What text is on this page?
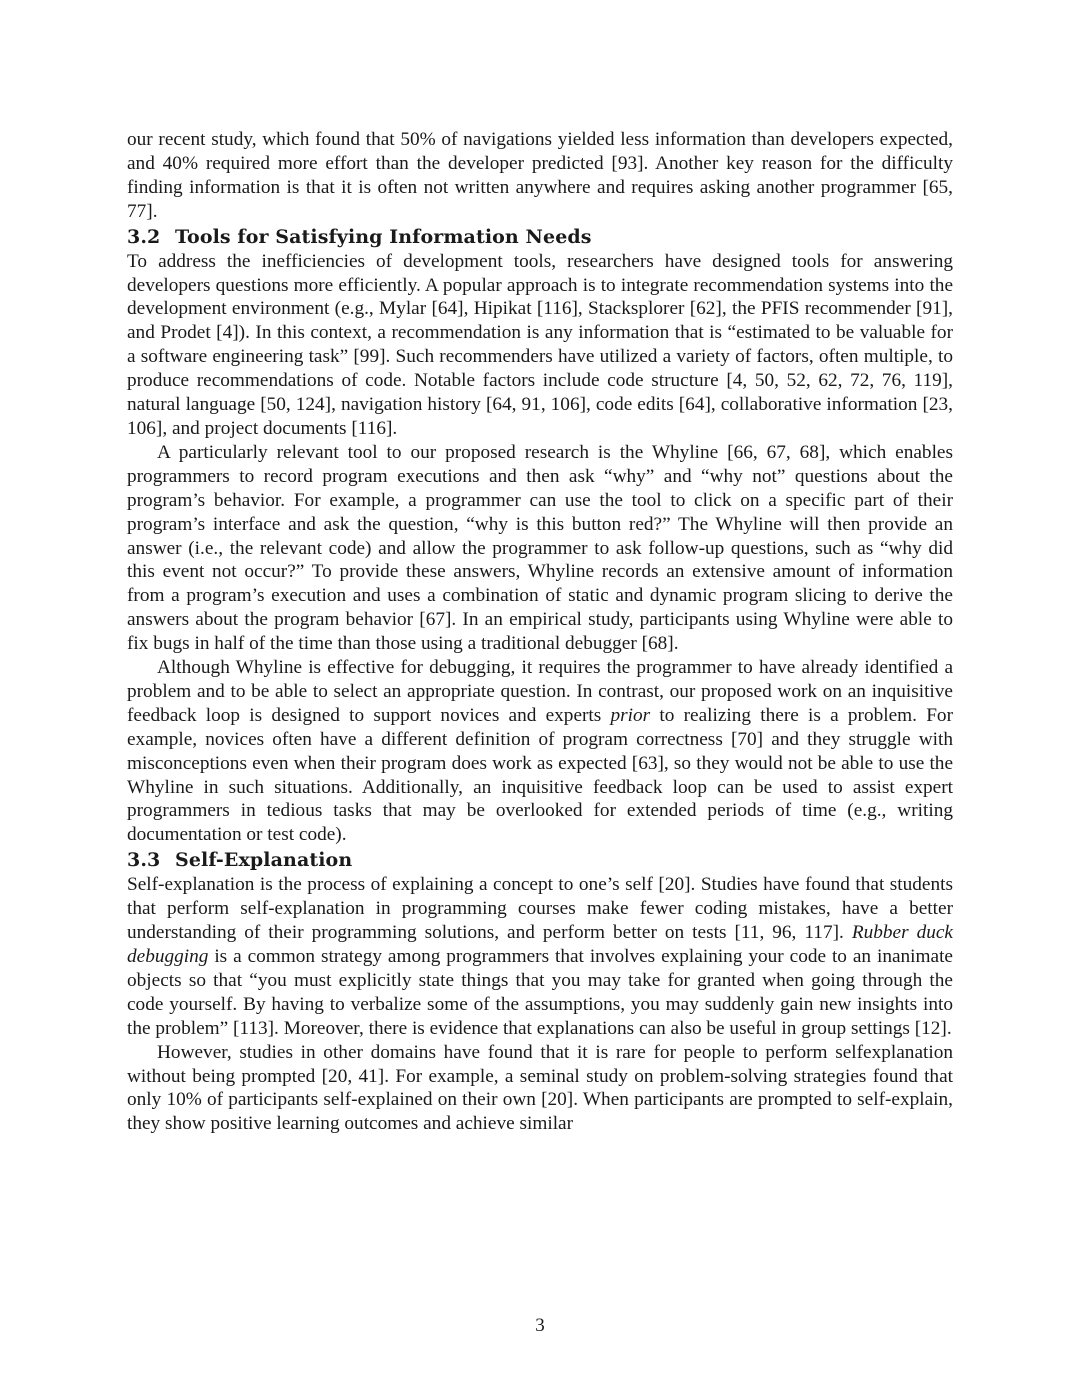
our recent study, which found that 50% of navigations yielded less information than developers expected, and 40% required more effort than the developer predicted [93]. Another key reason for the difficulty finding information is that it is often not written anywhere and requires asking another programmer [65, 77].

3.2 Tools for Satisfying Information Needs

To address the inefficiencies of development tools, researchers have designed tools for answering developers questions more efficiently. A popular approach is to integrate recommendation systems into the development environment (e.g., Mylar [64], Hipikat [116], Stacksplorer [62], the PFIS recommender [91], and Prodet [4]). In this context, a recommendation is any information that is “estimated to be valuable for a software engineering task” [99]. Such recommenders have utilized a variety of factors, often multiple, to produce recommendations of code. Notable factors include code structure [4, 50, 52, 62, 72, 76, 119], natural language [50, 124], navigation history [64, 91, 106], code edits [64], collaborative information [23, 106], and project documents [116].

A particularly relevant tool to our proposed research is the Whyline [66, 67, 68], which enables programmers to record program executions and then ask “why” and “why not” questions about the program’s behavior. For example, a programmer can use the tool to click on a specific part of their program’s interface and ask the question, “why is this button red?” The Whyline will then provide an answer (i.e., the relevant code) and allow the programmer to ask follow-up questions, such as “why did this event not occur?” To provide these answers, Whyline records an extensive amount of information from a program’s execution and uses a combination of static and dynamic program slicing to derive the answers about the program behavior [67]. In an empirical study, participants using Whyline were able to fix bugs in half of the time than those using a traditional debugger [68].

Although Whyline is effective for debugging, it requires the programmer to have already identified a problem and to be able to select an appropriate question. In contrast, our proposed work on an inquisitive feedback loop is designed to support novices and experts prior to realizing there is a problem. For example, novices often have a different definition of program correctness [70] and they struggle with misconceptions even when their program does work as expected [63], so they would not be able to use the Whyline in such situations. Additionally, an inquisitive feedback loop can be used to assist expert programmers in tedious tasks that may be overlooked for extended periods of time (e.g., writing documentation or test code).

3.3 Self-Explanation

Self-explanation is the process of explaining a concept to one’s self [20]. Studies have found that students that perform self-explanation in programming courses make fewer coding mistakes, have a better understanding of their programming solutions, and perform better on tests [11, 96, 117]. Rubber duck debugging is a common strategy among programmers that involves explaining your code to an inanimate objects so that “you must explicitly state things that you may take for granted when going through the code yourself. By having to verbalize some of the assumptions, you may suddenly gain new insights into the problem” [113]. Moreover, there is evidence that explanations can also be useful in group settings [12].

However, studies in other domains have found that it is rare for people to perform selfexplanation without being prompted [20, 41]. For example, a seminal study on problem-solving strategies found that only 10% of participants self-explained on their own [20]. When participants are prompted to self-explain, they show positive learning outcomes and achieve similar

3
